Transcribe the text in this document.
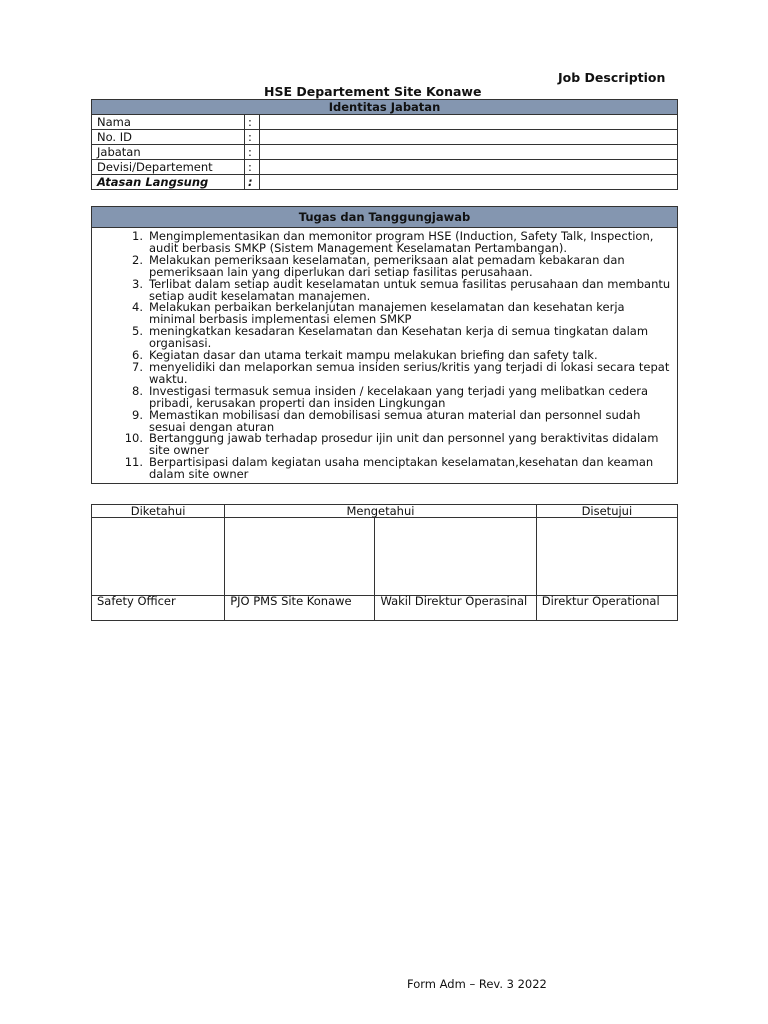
Job Description
HSE Departement Site Konawe
Identitas Jabatan		
Nama	:	
No. ID	:	
Jabatan	:	
Devisi/Departement	:	
Atasan Langsung	:	
Tugas dan Tanggungjawab

1. Mengimplementasikan dan memonitor program HSE (Induction, Safety Talk, Inspection, audit berbasis SMKP (Sistem Management Keselamatan Pertambangan).
2. Melakukan pemeriksaan keselamatan, pemeriksaan alat pemadam kebakaran dan pemeriksaan lain yang diperlukan dari setiap fasilitas perusahaan.
3. Terlibat dalam setiap audit keselamatan untuk semua fasilitas perusahaan dan membantu setiap audit keselamatan manajemen.
4. Melakukan perbaikan berkelanjutan manajemen keselamatan dan kesehatan kerja minimal berbasis implementasi elemen SMKP
5. meningkatkan kesadaran Keselamatan dan Kesehatan kerja di semua tingkatan dalam organisasi.
6. Kegiatan dasar dan utama terkait mampu melakukan briefing dan safety talk.
7. menyelidiki dan melaporkan semua insiden serius/kritis yang terjadi di lokasi secara tepat waktu.
8. Investigasi termasuk semua insiden / kecelakaan yang terjadi yang melibatkan cedera pribadi, kerusakan properti dan insiden Lingkungan
9. Memastikan mobilisasi dan demobilisasi semua aturan material dan personnel sudah sesuai dengan aturan
10. Bertanggung jawab terhadap prosedur ijin unit dan personnel yang beraktivitas didalam site owner
11. Berpartisipasi dalam kegiatan usaha menciptakan keselamatan,kesehatan dan keaman dalam site owner
Diketahui	Mengetahui		Disetujui

Safety Officer	PJO PMS Site Konawe	Wakil Direktur Operasinal	Direktur Operational
Form Adm – Rev. 3 2022
